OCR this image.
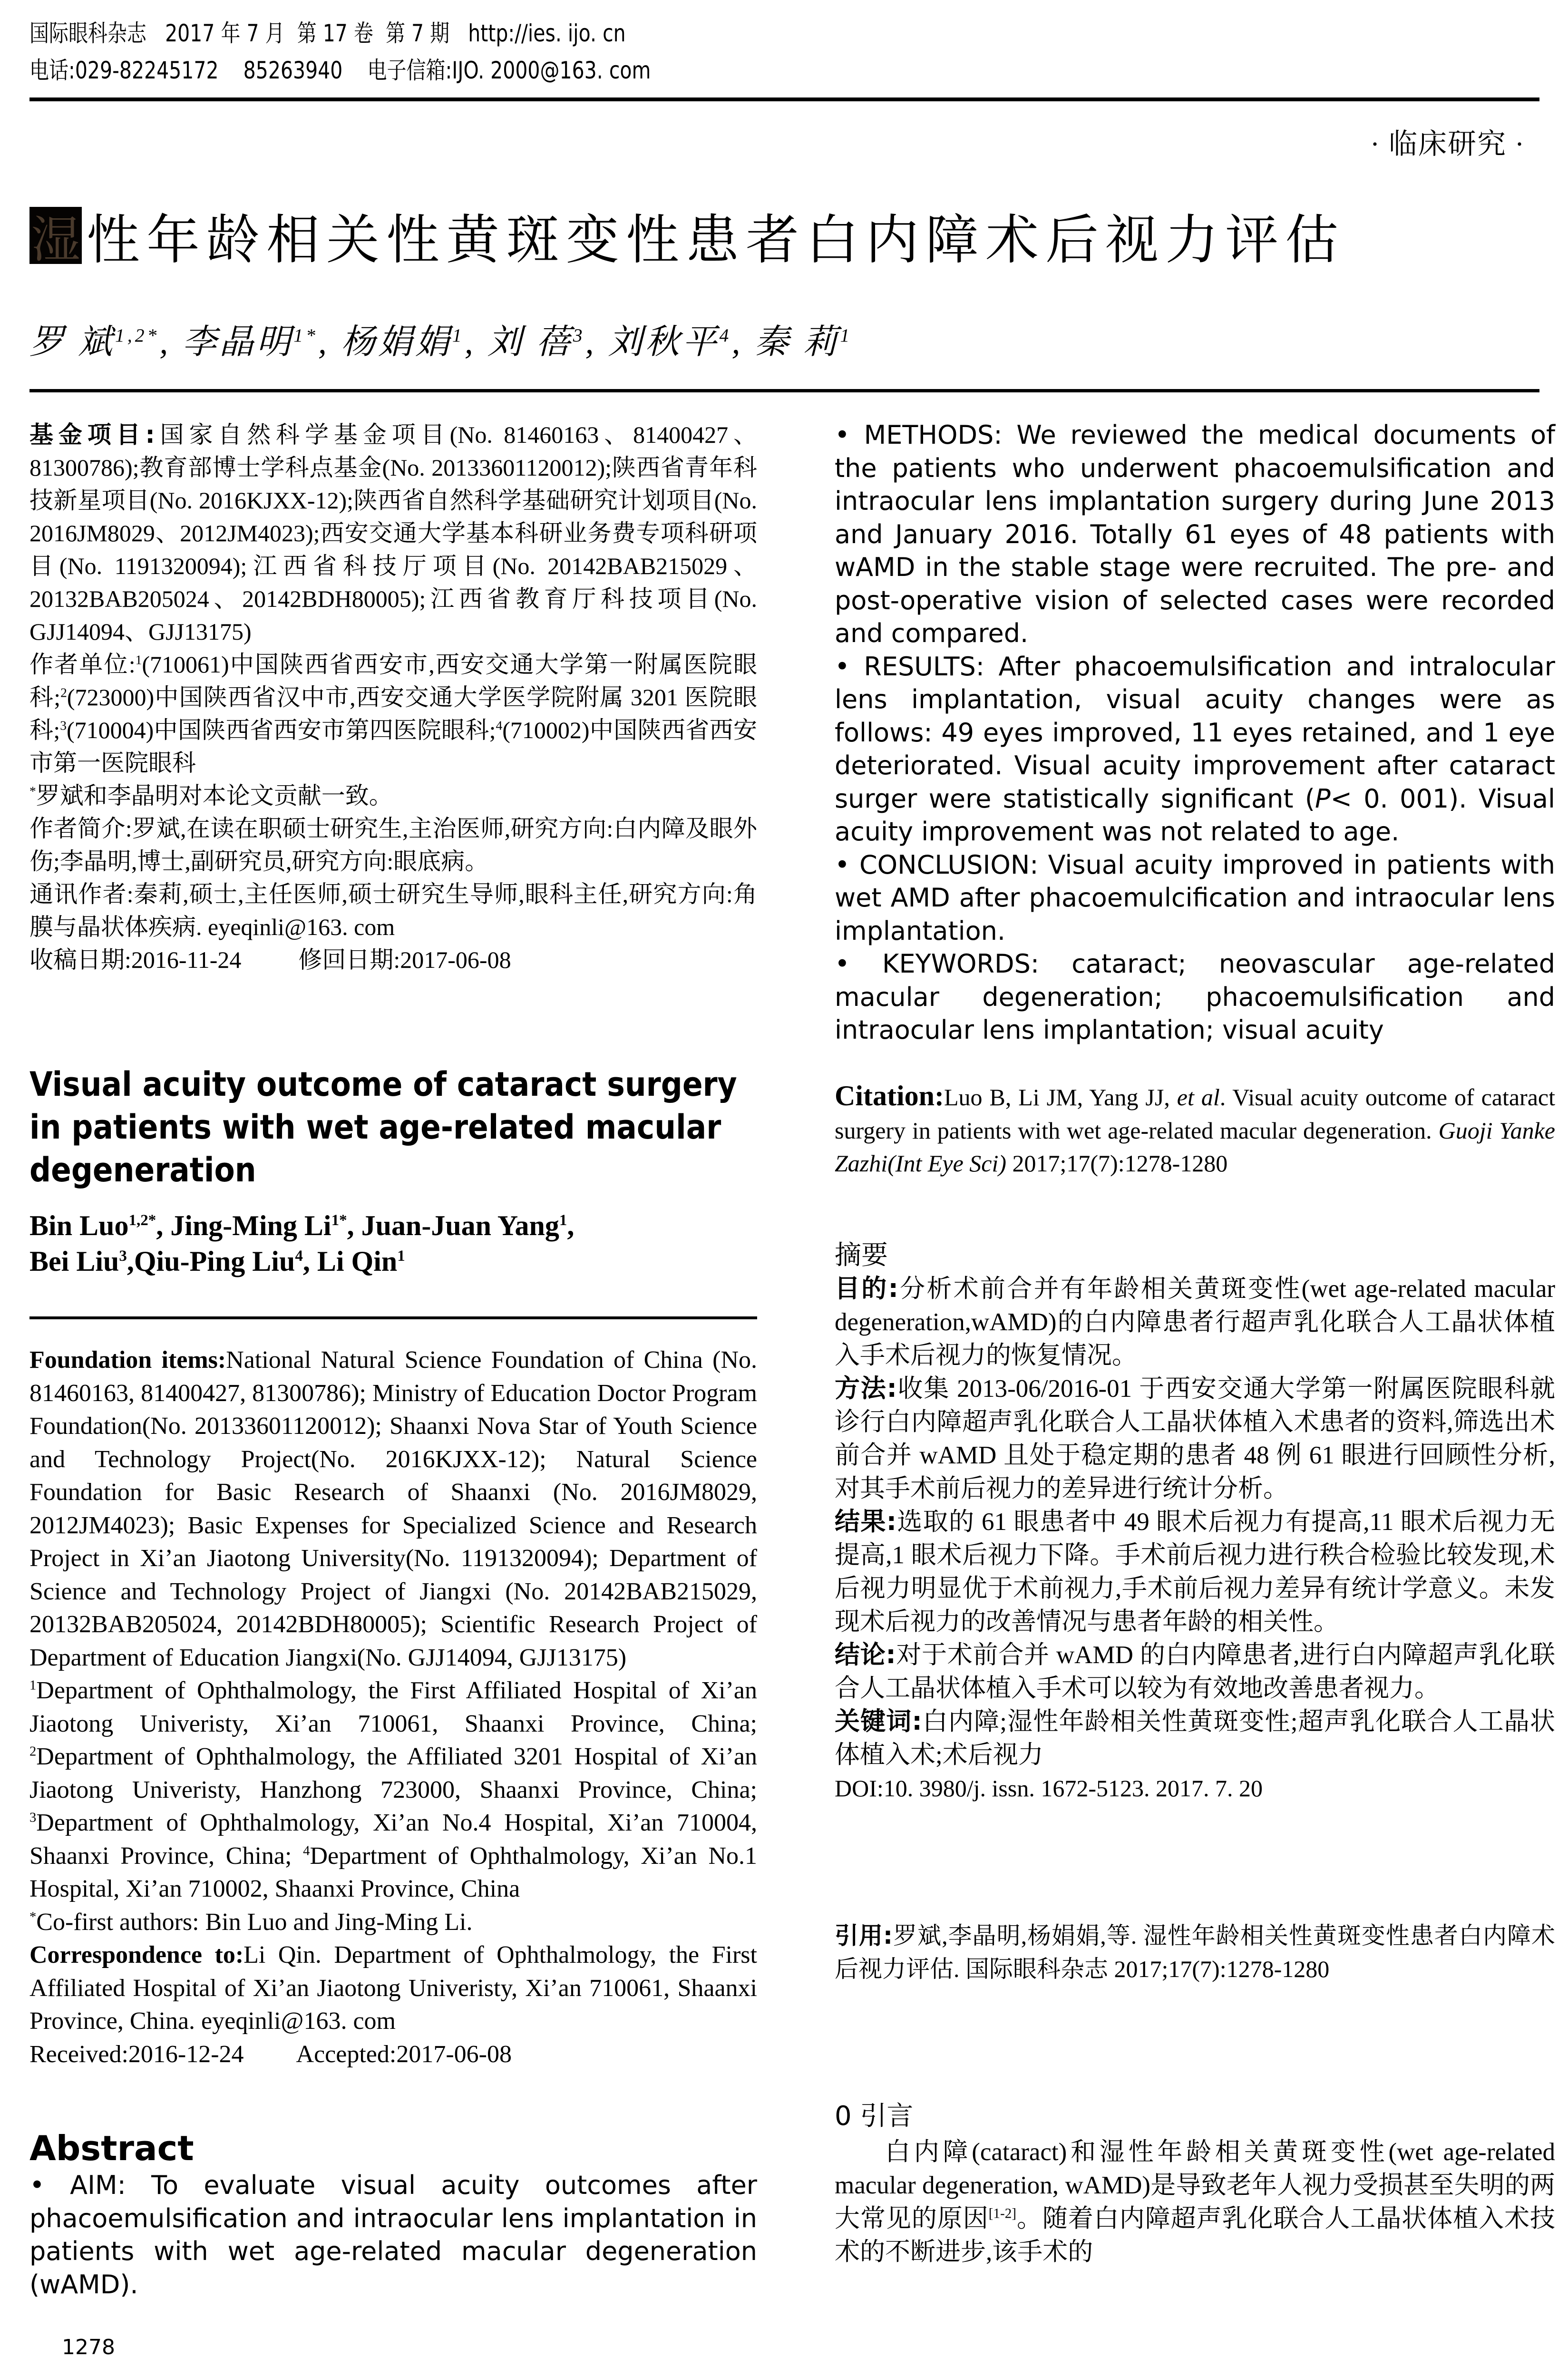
国际眼科杂志   2017 年 7 月  第 17 卷  第 7 期   http://ies. ijo. cn
电话:029-82245172    85263940    电子信箱:IJO. 2000@163. com
· 临床研究 ·
湿 性年龄相关性黄斑变性患者白内障术后视力评估
罗 斌$^{1,2*}$, 李晶明$^{1*}$, 杨娟娟$^1$, 刘 蓓$^3$, 刘秋平$^4$, 秦 莉$^1$

基金项目:国家自然科学基金项目(No. 81460163、81400427、81300786);教育部博士学科点基金(No. 20133601120012);陕西省青年科技新星项目(No. 2016KJXX-12);陕西省自然科学基础研究计划项目(No. 2016JM8029、2012JM4023);西安交通大学基本科研业务费专项科研项目(No. 1191320094);江西省科技厅项目(No. 20142BAB215029、20132BAB205024、20142BDH80005);江西省教育厅科技项目(No. GJJ14094、GJJ13175)

作者单位:$^1$(710061)中国陕西省西安市,西安交通大学第一附属医院眼科;$^2$(723000)中国陕西省汉中市,西安交通大学医学院附属 3201 医院眼科;$^3$(710004)中国陕西省西安市第四医院眼科;$^4$(710002)中国陕西省西安市第一医院眼科

*罗斌和李晶明对本论文贡献一致。

作者简介:罗斌,在读在职硕士研究生,主治医师,研究方向:白内障及眼外伤;李晶明,博士,副研究员,研究方向:眼底病。

通讯作者:秦莉,硕士,主任医师,硕士研究生导师,眼科主任,研究方向:角膜与晶状体疾病. eyeqinli@163. com

收稿日期:2016-11-24 修回日期:2017-06-08

Visual acuity outcome of cataract surgery in patients with wet age-related macular degeneration
Bin Luo$^{1,2*}$, Jing-Ming $Li^{1*}$, Juan-Juan Yang$^1$,
Bei Liu$^3$,Qiu-Ping Liu$^4$, Li Qin$^1$

Foundation items:National Natural Science Foundation of China (No. 81460163, 81400427, 81300786); Ministry of Education Doctor Program Foundation(No. 20133601120012); Shaanxi Nova Star of Youth Science and Technology Project(No. 2016KJXX-12); Natural Science Foundation for Basic Research of Shaanxi (No. 2016JM8029, 2012JM4023); Basic Expenses for Specialized Science and Research Project in Xi’an Jiaotong University(No. 1191320094); Department of Science and Technology Project of Jiangxi (No. 20142BAB215029, 20132BAB205024, 20142BDH80005); Scientific Research Project of Department of Education Jiangxi(No. GJJ14094, GJJ13175)

$^1$Department of Ophthalmology, the First Affiliated Hospital of Xi’an Jiaotong Univeristy, Xi’an 710061, Shaanxi Province, China; $^2$Department of Ophthalmology, the Affiliated 3201 Hospital of Xi’an Jiaotong Univeristy, Hanzhong 723000, Shaanxi Province, China; $^3$Department of Ophthalmology, Xi’an No.4 Hospital, Xi’an 710004, Shaanxi Province, China; $^4$Department of Ophthalmology, Xi’an No.1 Hospital, Xi’an 710002, Shaanxi Province, China

*Co-first authors: Bin Luo and Jing-Ming Li.

Correspondence to:Li Qin. Department of Ophthalmology, the First Affiliated Hospital of Xi’an Jiaotong Univeristy, Xi’an 710061, Shaanxi Province, China. eyeqinli@163. com

Received:2016-12-24 Accepted:2017-06-08

Abstract

• AIM: To evaluate visual acuity outcomes after phacoemulsification and intraocular lens implantation in patients with wet age-related macular degeneration (wAMD).

1278

• METHODS: We reviewed the medical documents of the patients who underwent phacoemulsification and intraocular lens implantation surgery during June 2013 and January 2016. Totally 61 eyes of 48 patients with wAMD in the stable stage were recruited. The pre- and post-operative vision of selected cases were recorded and compared.

• RESULTS: After phacoemulsification and intralocular lens implantation, visual acuity changes were as follows: 49 eyes improved, 11 eyes retained, and 1 eye deteriorated. Visual acuity improvement after cataract surger were statistically significant (P< 0. 001). Visual acuity improvement was not related to age.

• CONCLUSION: Visual acuity improved in patients with wet AMD after phacoemulcification and intraocular lens implantation.

• KEYWORDS: cataract; neovascular age-related macular degeneration; phacoemulsification and intraocular lens implantation; visual acuity

Citation:Luo B, Li JM, Yang JJ, et al. Visual acuity outcome of cataract surgery in patients with wet age-related macular degeneration. Guoji Yanke Zazhi(Int Eye Sci) 2017;17(7):1278-1280

摘要

目的:分析术前合并有年龄相关黄斑变性(wet age-related macular degeneration,wAMD)的白内障患者行超声乳化联合人工晶状体植入手术后视力的恢复情况。

方法:收集 2013-06/2016-01 于西安交通大学第一附属医院眼科就诊行白内障超声乳化联合人工晶状体植入术患者的资料,筛选出术前合并 wAMD 且处于稳定期的患者 48 例 61 眼进行回顾性分析,对其手术前后视力的差异进行统计分析。

结果:选取的 61 眼患者中 49 眼术后视力有提高,11 眼术后视力无提高,1 眼术后视力下降。手术前后视力进行秩合检验比较发现,术后视力明显优于术前视力,手术前后视力差异有统计学意义。未发现术后视力的改善情况与患者年龄的相关性。

结论:对于术前合并 wAMD 的白内障患者,进行白内障超声乳化联合人工晶状体植入手术可以较为有效地改善患者视力。

关键词:白内障;湿性年龄相关性黄斑变性;超声乳化联合人工晶状体植入术;术后视力

DOI:10. 3980/j. issn. 1672-5123. 2017. 7. 20

引用:罗斌,李晶明,杨娟娟,等. 湿性年龄相关性黄斑变性患者白内障术后视力评估. 国际眼科杂志 2017;17(7):1278-1280

0 引言

白内障(cataract)和湿性年龄相关黄斑变性(wet age-related macular degeneration, wAMD)是导致老年人视力受损甚至失明的两大常见的原因[1-2]。随着白内障超声乳化联合人工晶状体植入术技术的不断进步,该手术的
